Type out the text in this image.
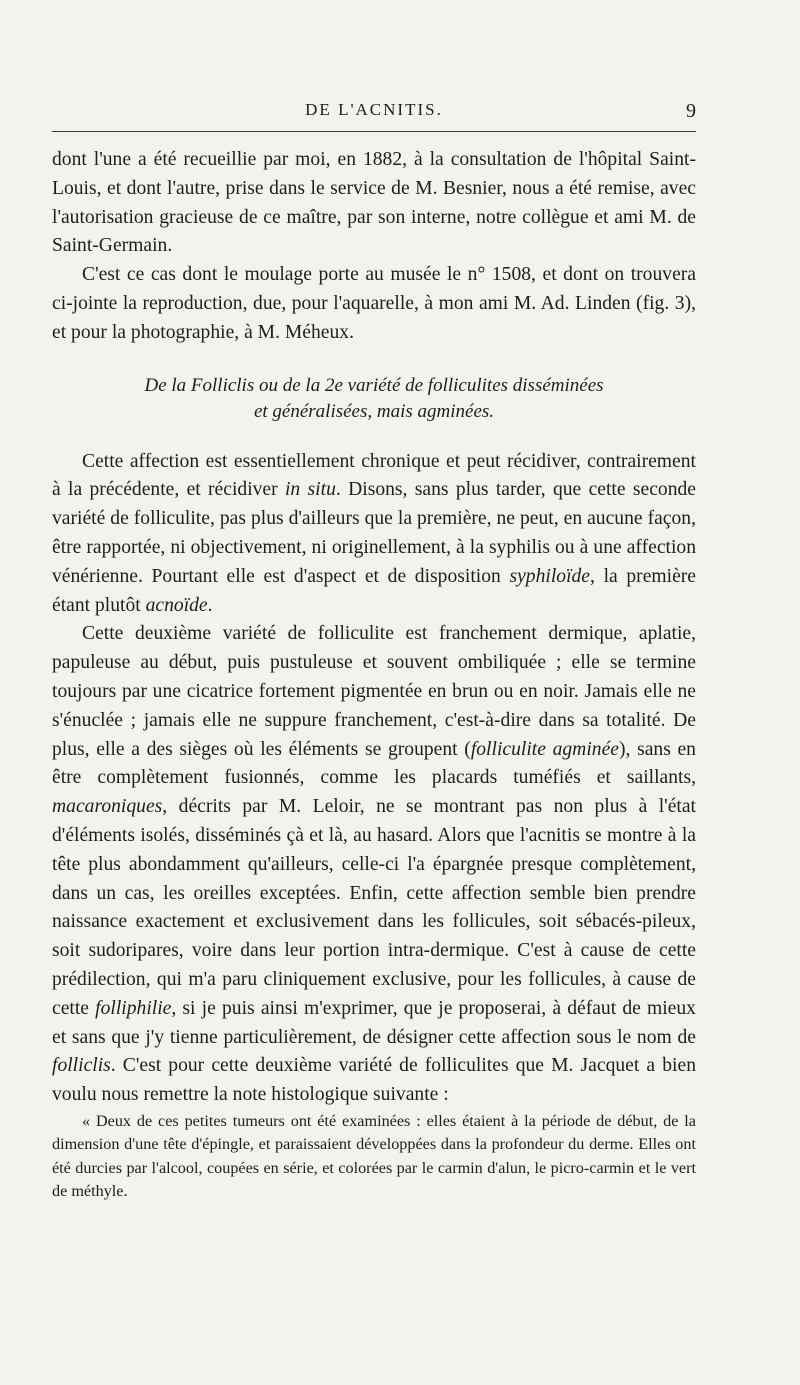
DE L'ACNITIS.	9

dont l'une a été recueillie par moi, en 1882, à la consultation de l'hôpital Saint-Louis, et dont l'autre, prise dans le service de M. Besnier, nous a été remise, avec l'autorisation gracieuse de ce maître, par son interne, notre collègue et ami M. de Saint-Germain.

C'est ce cas dont le moulage porte au musée le n° 1508, et dont on trouvera ci-jointe la reproduction, due, pour l'aquarelle, à mon ami M. Ad. Linden (fig. 3), et pour la photographie, à M. Méheux.

De la Folliclis ou de la 2e variété de folliculites disséminées
et généralisées, mais agminées.

Cette affection est essentiellement chronique et peut récidiver, contrairement à la précédente, et récidiver in situ. Disons, sans plus tarder, que cette seconde variété de folliculite, pas plus d'ailleurs que la première, ne peut, en aucune façon, être rapportée, ni objectivement, ni originellement, à la syphilis ou à une affection vénérienne. Pourtant elle est d'aspect et de disposition syphiloïde, la première étant plutôt acnoïde.

Cette deuxième variété de folliculite est franchement dermique, aplatie, papuleuse au début, puis pustuleuse et souvent ombiliquée ; elle se termine toujours par une cicatrice fortement pigmentée en brun ou en noir. Jamais elle ne s'énuclée ; jamais elle ne suppure franchement, c'est-à-dire dans sa totalité. De plus, elle a des sièges où les éléments se groupent (folliculite agminée), sans en être complètement fusionnés, comme les placards tuméfiés et saillants, macaroniques, décrits par M. Leloir, ne se montrant pas non plus à l'état d'éléments isolés, disséminés çà et là, au hasard. Alors que l'acnitis se montre à la tête plus abondamment qu'ailleurs, celle-ci l'a épargnée presque complètement, dans un cas, les oreilles exceptées. Enfin, cette affection semble bien prendre naissance exactement et exclusivement dans les follicules, soit sébacés-pileux, soit sudoripares, voire dans leur portion intra-dermique. C'est à cause de cette prédilection, qui m'a paru cliniquement exclusive, pour les follicules, à cause de cette folliphilie, si je puis ainsi m'exprimer, que je proposerai, à défaut de mieux et sans que j'y tienne particulièrement, de désigner cette affection sous le nom de folliclis. C'est pour cette deuxième variété de folliculites que M. Jacquet a bien voulu nous remettre la note histologique suivante :

« Deux de ces petites tumeurs ont été examinées : elles étaient à la période de début, de la dimension d'une tête d'épingle, et paraissaient développées dans la profondeur du derme. Elles ont été durcies par l'alcool, coupées en série, et colorées par le carmin d'alun, le picro-carmin et le vert de méthyle.
